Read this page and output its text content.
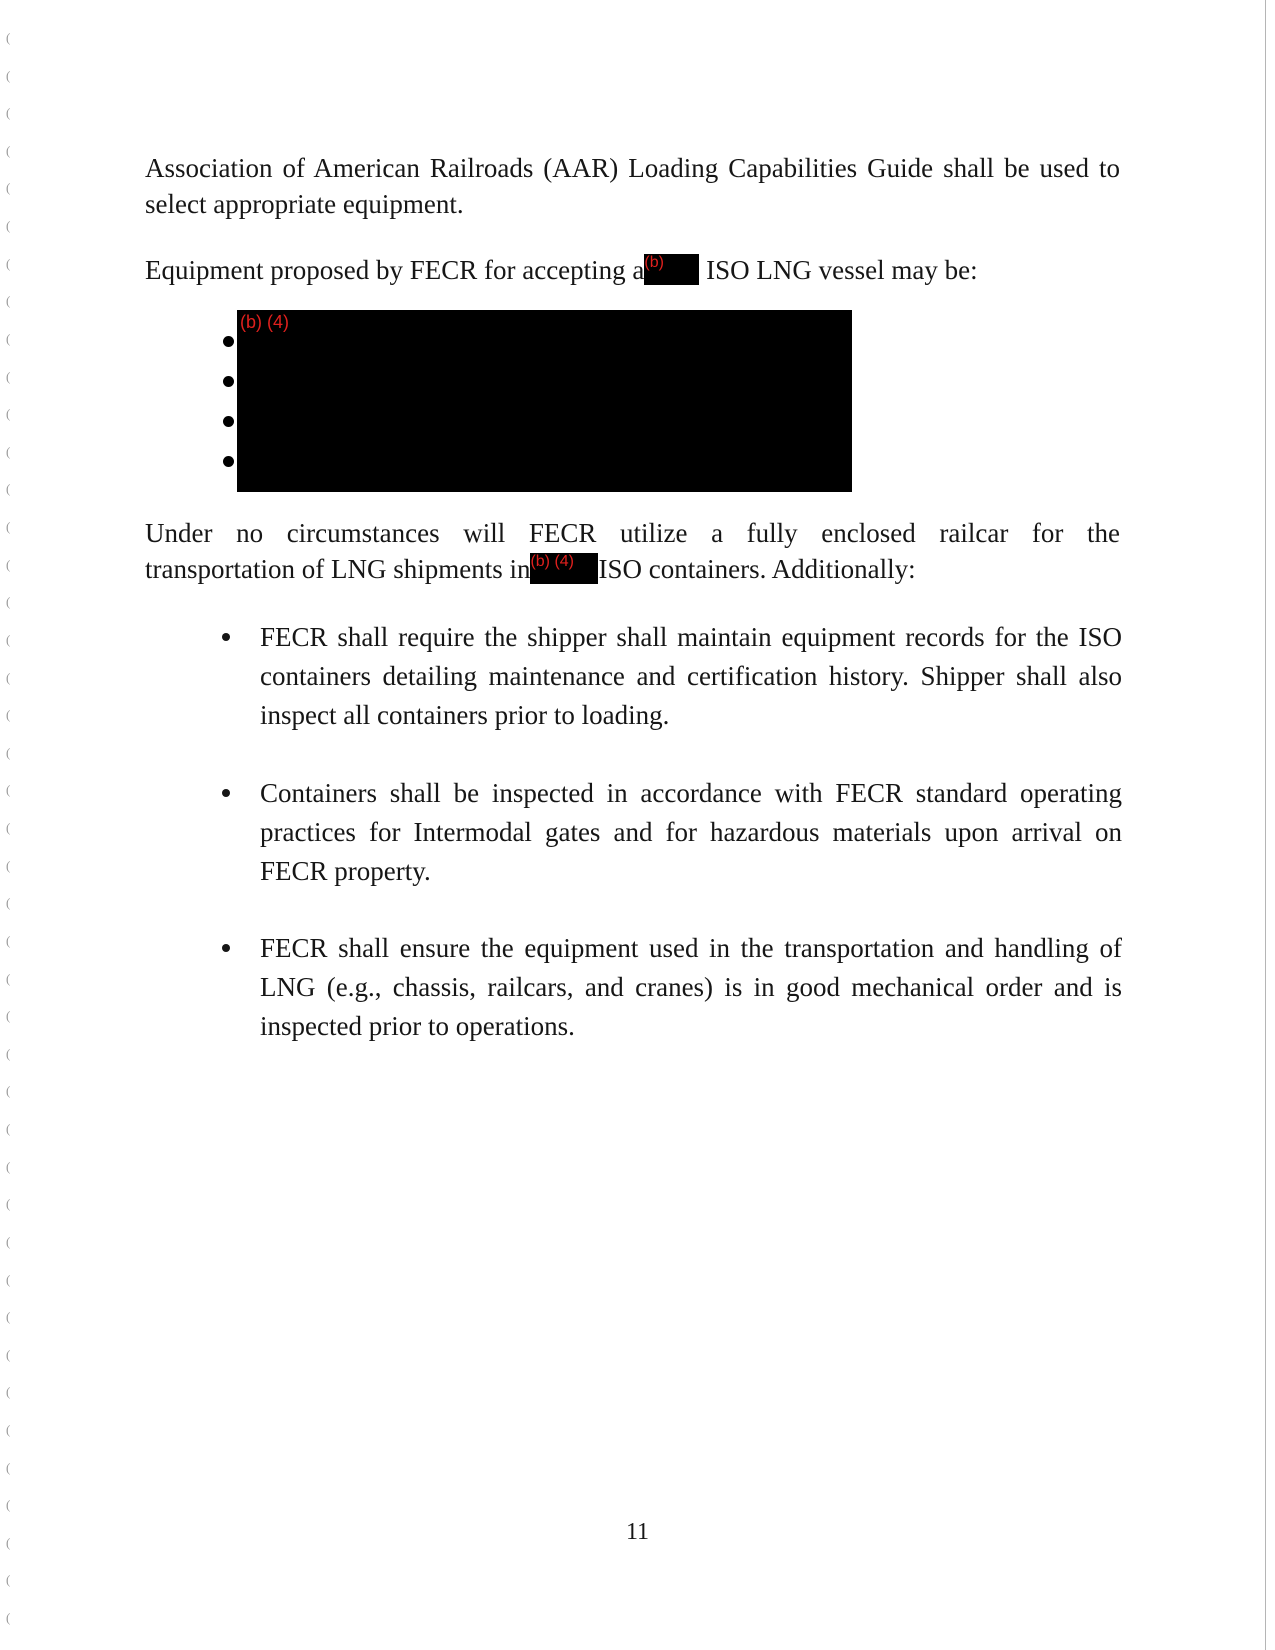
(
(
(
(
(
(
(
(
(
(
(
(
(
(
(
(
(
(
(
(
(
(
(
(
(
(
(
(
(
(
(
(
(
(
(
(
(
(
(
(
(
(
(

Association of American Railroads (AAR) Loading Capabilities Guide shall be used to select appropriate equipment.

Equipment proposed by FECR for accepting a(b) ISO LNG vessel may be:

(b) (4)
Under no circumstances will FECR utilize a fully enclosed railcar for the
transportation of LNG shipments in(b) (4) ISO containers. Additionally:

FECR shall require the shipper shall maintain equipment records for the ISO containers detailing maintenance and certification history. Shipper shall also inspect all containers prior to loading.

Containers shall be inspected in accordance with FECR standard operating practices for Intermodal gates and for hazardous materials upon arrival on FECR property.

FECR shall ensure the equipment used in the transportation and handling of LNG (e.g., chassis, railcars, and cranes) is in good mechanical order and is inspected prior to operations.

11
